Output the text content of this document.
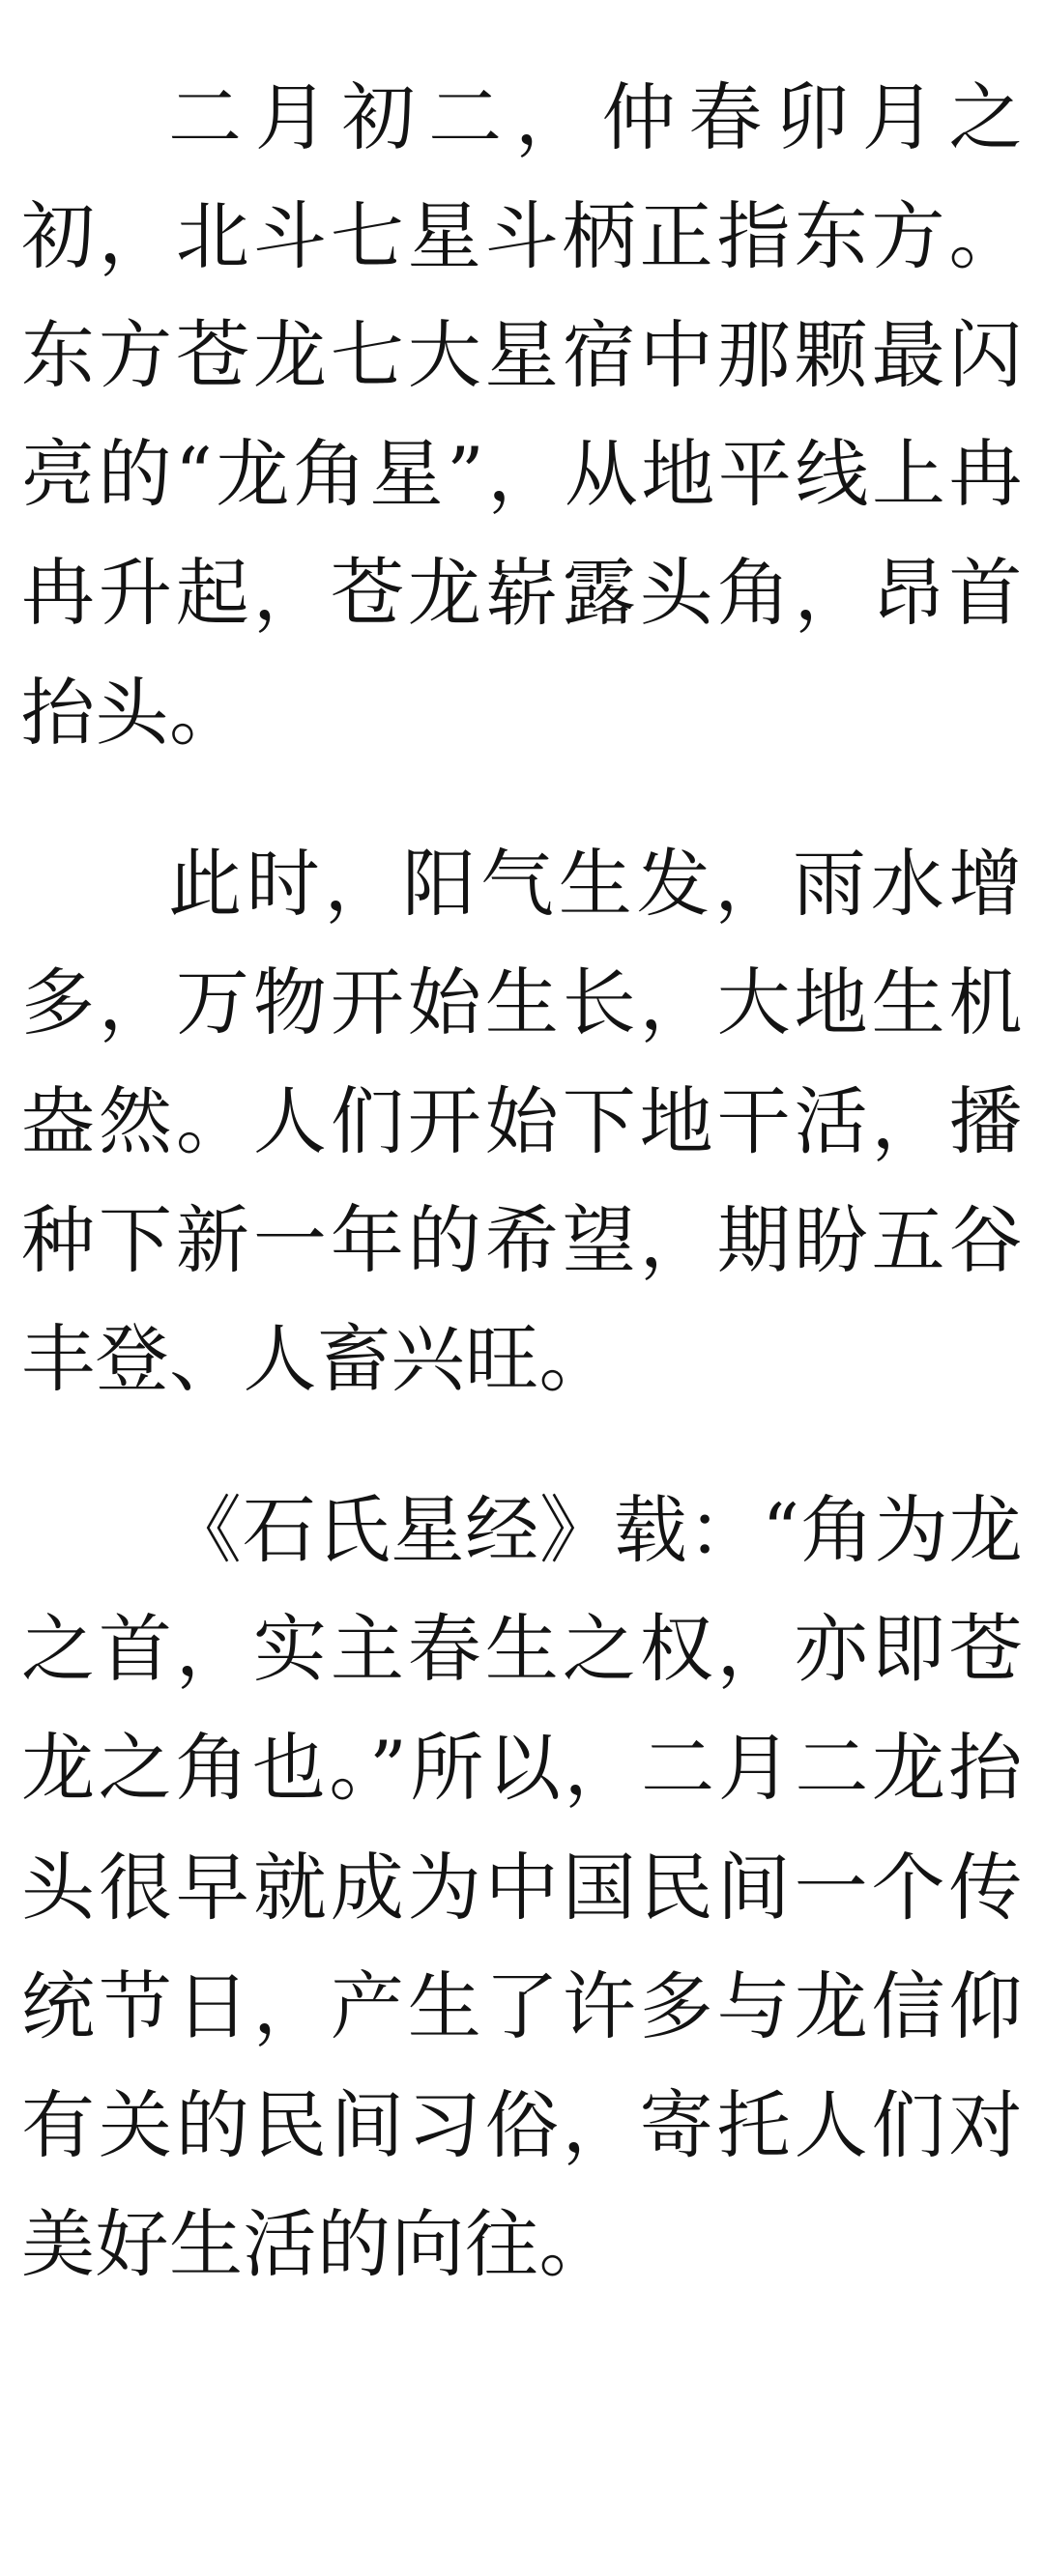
二月初二，仲春卯月之初，北斗七星斗柄正指东方。东方苍龙七大星宿中那颗最闪亮的“龙角星”，从地平线上冉冉升起，苍龙崭露头角，昂首抬头。

此时，阳气生发，雨水增多，万物开始生长，大地生机盎然。人们开始下地干活，播种下新一年的希望，期盼五谷丰登、人畜兴旺。

《石氏星经》载：“角为龙之首，实主春生之权，亦即苍龙之角也。”所以，二月二龙抬头很早就成为中国民间一个传统节日，产生了许多与龙信仰有关的民间习俗，寄托人们对美好生活的向往。
